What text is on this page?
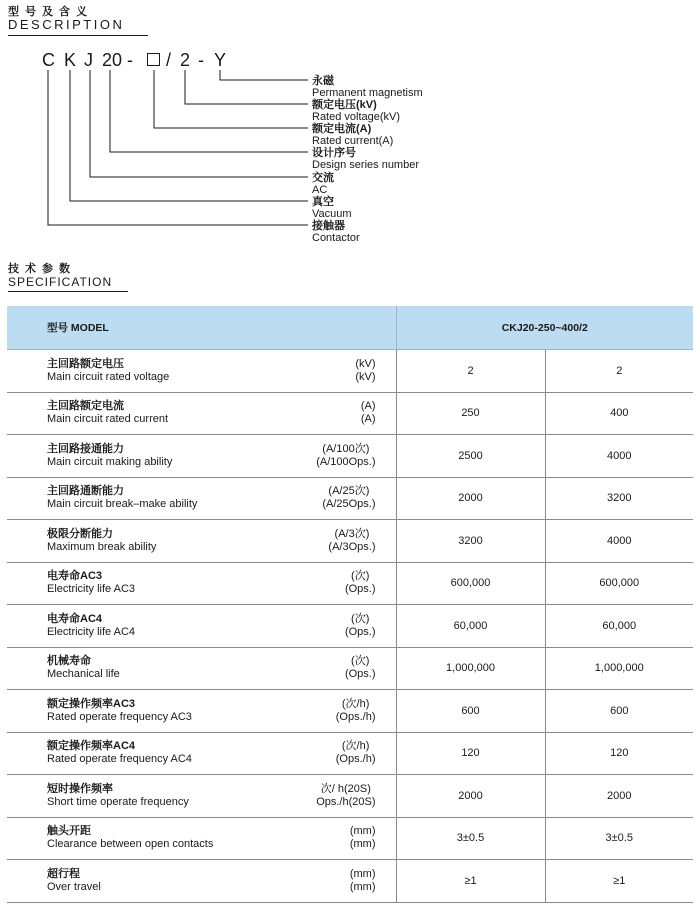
型号及含义
DESCRIPTION
C K J 20 - / 2 - Y
永磁
Permanent magnetism
额定电压(kV)
Rated voltage(kV)
额定电流(A)
Rated current(A)
设计序号
Design series number
交流
AC
真空
Vacuum
接触器
Contactor
技术参数
SPECIFICATION
型号 MODEL	CKJ20-250~400/2	

主回路额定电压
Main circuit rated voltage
(kV)
(kV)	2	2

主回路额定电流
Main circuit rated current
(A)
(A)	250	400

主回路接通能力
Main circuit making ability
(A/100次)
(A/100Ops.)	2500	4000

主回路通断能力
Main circuit break–make ability
(A/25次)
(A/25Ops.)	2000	3200

极限分断能力
Maximum break ability
(A/3次)
(A/3Ops.)	3200	4000

电寿命AC3
Electricity life AC3
(次)
(Ops.)	600,000	600,000

电寿命AC4
Electricity life AC4
(次)
(Ops.)	60,000	60,000

机械寿命
Mechanical life
(次)
(Ops.)	1,000,000	1,000,000

额定操作频率AC3
Rated operate frequency AC3
(次/h)
(Ops./h)	600	600

额定操作频率AC4
Rated operate frequency AC4
(次/h)
(Ops./h)	120	120

短时操作频率
Short time operate frequency
次/ h(20S)
Ops./h(20S)	2000	2000

触头开距
Clearance between open contacts
(mm)
(mm)	3±0.5	3±0.5

超行程
Over travel
(mm)
(mm)	≥1	≥1
